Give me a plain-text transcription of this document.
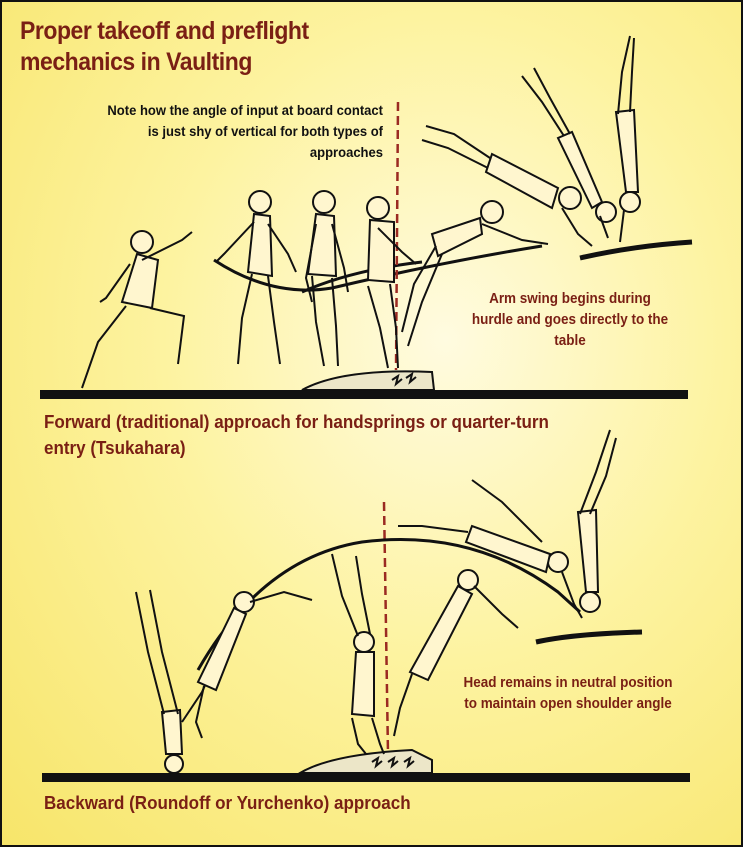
Proper takeoff and preflight mechanics in Vaulting
Note how the angle of input at board contact is just shy of vertical for both types of approaches
Arm swing begins during hurdle and goes directly to the table
Head remains in neutral position to maintain open shoulder angle
Forward (traditional) approach for handsprings or quarter-turn entry (Tsukahara)
Backward (Roundoff or Yurchenko) approach
